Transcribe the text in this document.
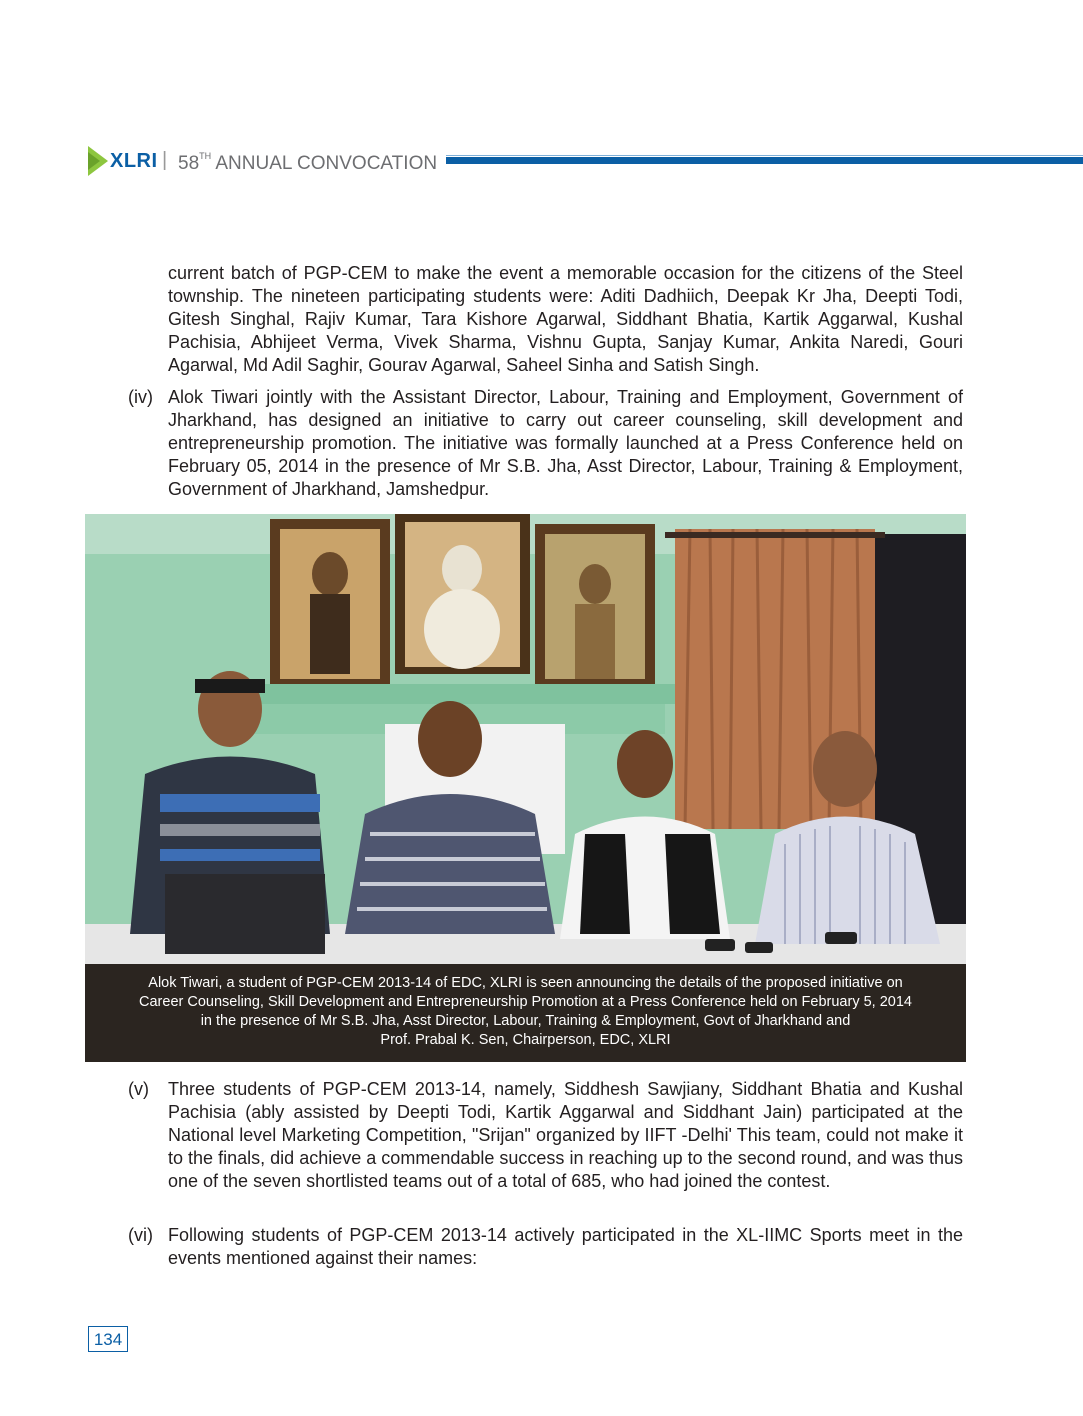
XLRI | 58TH ANNUAL CONVOCATION
current batch of PGP-CEM to make the event a memorable occasion for the citizens of the Steel township. The nineteen participating students were: Aditi Dadhiich, Deepak Kr Jha, Deepti Todi, Gitesh Singhal, Rajiv Kumar, Tara Kishore Agarwal, Siddhant Bhatia, Kartik Aggarwal, Kushal Pachisia, Abhijeet Verma, Vivek Sharma, Vishnu Gupta, Sanjay Kumar, Ankita Naredi, Gouri Agarwal, Md Adil Saghir, Gourav Agarwal, Saheel Sinha and Satish Singh.
(iv) Alok Tiwari jointly with the Assistant Director, Labour, Training and Employment, Government of Jharkhand, has designed an initiative to carry out career counseling, skill development and entrepreneurship promotion. The initiative was formally launched at a Press Conference held on February 05, 2014 in the presence of Mr S.B. Jha, Asst Director, Labour, Training & Employment, Government of Jharkhand, Jamshedpur.
Alok Tiwari, a student of PGP-CEM 2013-14 of EDC, XLRI is seen announcing the details of the proposed initiative on
Career Counseling, Skill Development and Entrepreneurship Promotion at a Press Conference held on February 5, 2014
in the presence of Mr S.B. Jha, Asst Director, Labour, Training & Employment, Govt of Jharkhand and
Prof. Prabal K. Sen, Chairperson, EDC, XLRI
(v) Three students of PGP-CEM 2013-14, namely, Siddhesh Sawjiany, Siddhant Bhatia and Kushal Pachisia (ably assisted by Deepti Todi, Kartik Aggarwal and Siddhant Jain) participated at the National level Marketing Competition, "Srijan" organized by IIFT -Delhi' This team, could not make it to the finals, did achieve a commendable success in reaching up to the second round, and was thus one of the seven shortlisted teams out of a total of 685, who had joined the contest.
(vi) Following students of PGP-CEM 2013-14 actively participated in the XL-IIMC Sports meet in the events mentioned against their names:
134
